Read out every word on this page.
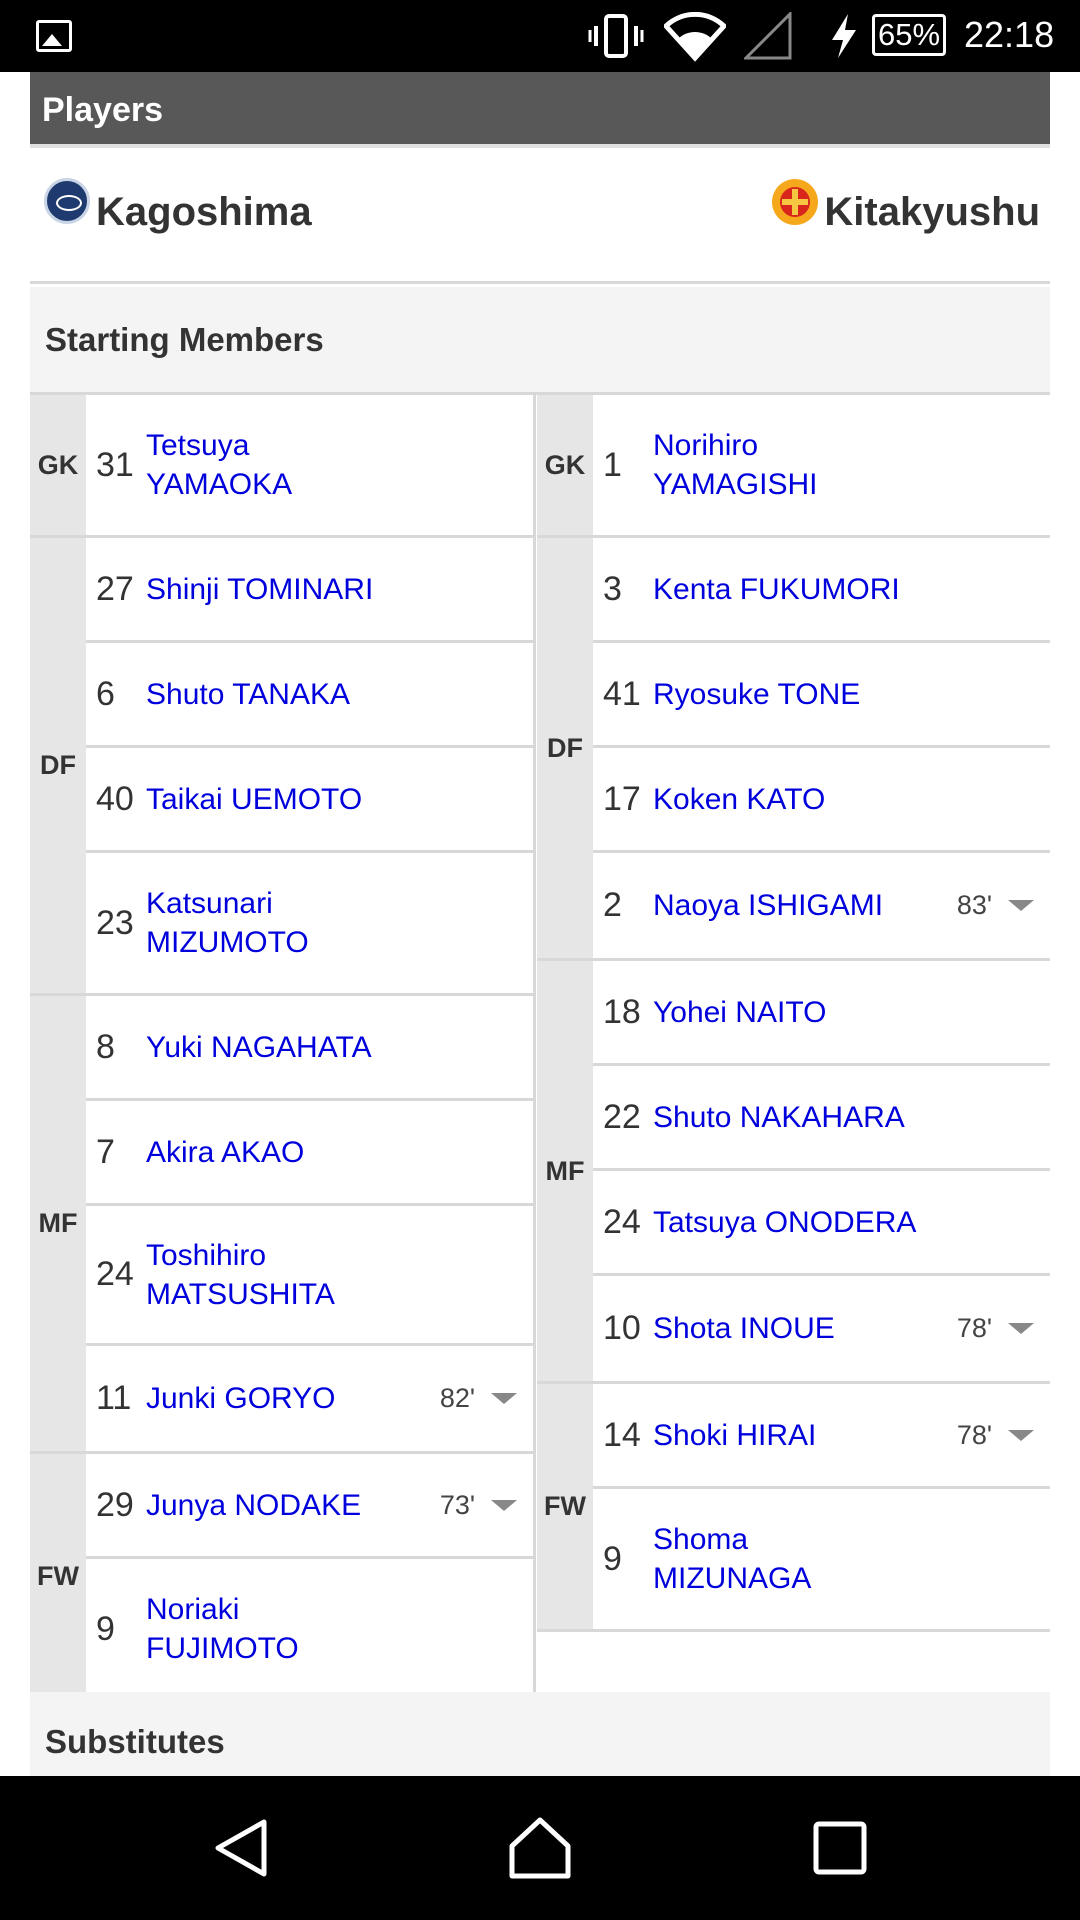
65% 22:18
Players
Kagoshima	Kitakyushu
Starting Members
GK 31 Tetsuya YAMAOKA
DF
27 Shinji TOMINARI
6	Shuto TANAKA
40 Taikai UEMOTO
23 Katsunari MIZUMOTO
MF
8	Yuki NAGAHATA
7	Akira AKAO
24 Toshihiro MATSUSHITA
11 Junki GORYO	82'
FW
29 Junya NODAKE	73'
9	Noriaki FUJIMOTO
GK 1	Norihiro YAMAGISHI
DF
3	Kenta FUKUMORI
41 Ryosuke TONE
17 Koken KATO
2	Naoya ISHIGAMI	83'
MF
18 Yohei NAITO
22 Shuto NAKAHARA
24 Tatsuya ONODERA
10 Shota INOUE	78'
FW
14 Shoki HIRAI	78'
9	Shoma MIZUNAGA
Substitutes
